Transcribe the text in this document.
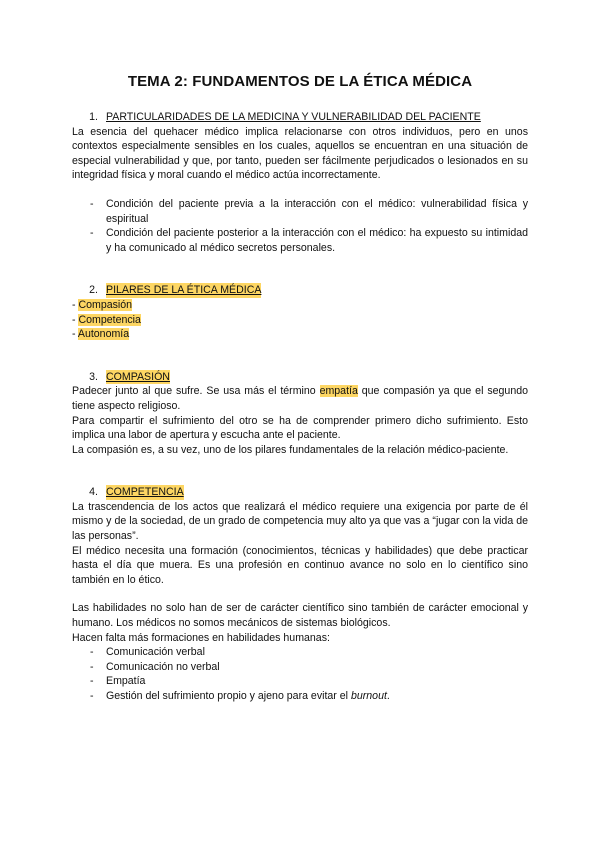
TEMA 2: FUNDAMENTOS DE LA ÉTICA MÉDICA
1. PARTICULARIDADES DE LA MEDICINA Y VULNERABILIDAD DEL PACIENTE

La esencia del quehacer médico implica relacionarse con otros individuos, pero en unos contextos especialmente sensibles en los cuales, aquellos se encuentran en una situación de especial vulnerabilidad y que, por tanto, pueden ser fácilmente perjudicados o lesionados en su integridad física y moral cuando el médico actúa incorrectamente.

-	Condición del paciente previa a la interacción con el médico: vulnerabilidad física y espiritual
-	Condición del paciente posterior a la interacción con el médico: ha expuesto su intimidad y ha comunicado al médico secretos personales.
2. PILARES DE LA ÉTICA MÉDICA
- Compasión
- Competencia
- Autonomía
3. COMPASIÓN

Padecer junto al que sufre. Se usa más el término empatía que compasión ya que el segundo tiene aspecto religioso.

Para compartir el sufrimiento del otro se ha de comprender primero dicho sufrimiento. Esto implica una labor de apertura y escucha ante el paciente.

La compasión es, a su vez, uno de los pilares fundamentales de la relación médico-paciente.

4. COMPETENCIA

La trascendencia de los actos que realizará el médico requiere una exigencia por parte de él mismo y de la sociedad, de un grado de competencia muy alto ya que vas a “jugar con la vida de las personas”.

El médico necesita una formación (conocimientos, técnicas y habilidades) que debe practicar hasta el día que muera. Es una profesión en continuo avance no solo en lo científico sino también en lo ético.

Las habilidades no solo han de ser de carácter científico sino también de carácter emocional y humano. Los médicos no somos mecánicos de sistemas biológicos.

Hacen falta más formaciones en habilidades humanas:

-	Comunicación verbal
-	Comunicación no verbal
-	Empatía
-	Gestión del sufrimiento propio y ajeno para evitar el burnout.
